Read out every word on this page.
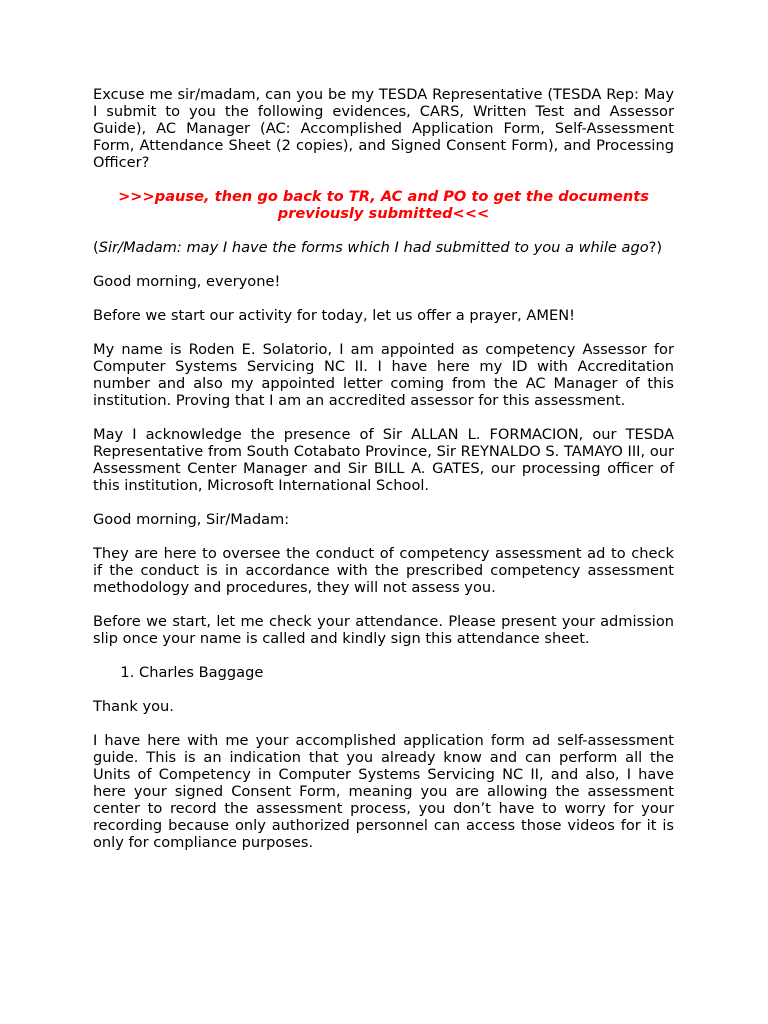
Excuse me sir/madam, can you be my TESDA Representative (TESDA Rep: May I submit to you the following evidences, CARS, Written Test and Assessor Guide), AC Manager (AC: Accomplished Application Form, Self-Assessment Form, Attendance Sheet (2 copies), and Signed Consent Form), and Processing Officer?

>>>pause, then go back to TR, AC and PO to get the documents previously submitted<<<

(Sir/Madam: may I have the forms which I had submitted to you a while ago?)

Good morning, everyone!

Before we start our activity for today, let us offer a prayer, AMEN!

My name is Roden E. Solatorio, I am appointed as competency Assessor for Computer Systems Servicing NC II. I have here my ID with Accreditation number and also my appointed letter coming from the AC Manager of this institution. Proving that I am an accredited assessor for this assessment.

May I acknowledge the presence of Sir ALLAN L. FORMACION, our TESDA Representative from South Cotabato Province, Sir REYNALDO S. TAMAYO III, our Assessment Center Manager and Sir BILL A. GATES, our processing officer of this institution, Microsoft International School.

Good morning, Sir/Madam:

They are here to oversee the conduct of competency assessment ad to check if the conduct is in accordance with the prescribed competency assessment methodology and procedures, they will not assess you.

Before we start, let me check your attendance. Please present your admission slip once your name is called and kindly sign this attendance sheet.

1. Charles Baggage

Thank you.

I have here with me your accomplished application form ad self-assessment guide. This is an indication that you already know and can perform all the Units of Competency in Computer Systems Servicing NC II, and also, I have here your signed Consent Form, meaning you are allowing the assessment center to record the assessment process, you don’t have to worry for your recording because only authorized personnel can access those videos for it is only for compliance purposes.
